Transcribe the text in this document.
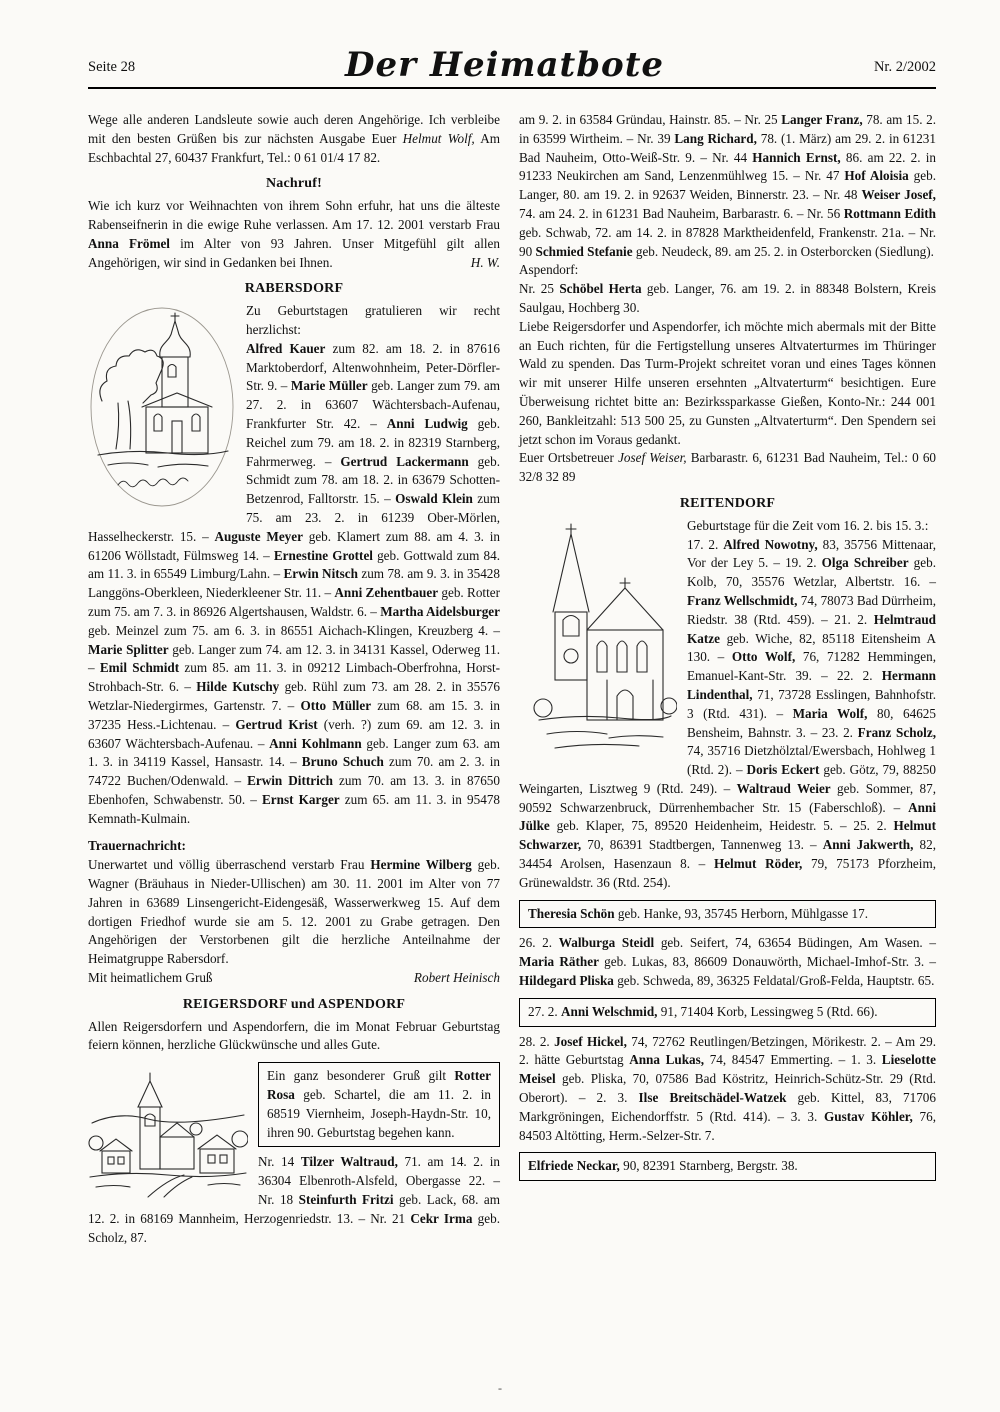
Seite 28	Der Heimatbote	Nr. 2/2002

Wege alle anderen Landsleute sowie auch deren Angehörige. Ich verbleibe mit den besten Grüßen bis zur nächsten Ausgabe Euer Helmut Wolf, Am Eschbachtal 27, 60437 Frankfurt, Tel.: 0 61 01/4 17 82.

Nachruf!

Wie ich kurz vor Weihnachten von ihrem Sohn erfuhr, hat uns die älteste Rabenseifnerin in die ewige Ruhe verlassen. Am 17. 12. 2001 verstarb Frau Anna Frömel im Alter von 93 Jahren. Unser Mitgefühl gilt allen Angehörigen, wir sind in Gedanken bei Ihnen.	H. W.
RABERSDORF

Zu Geburtstagen gratulieren wir recht herzlichst:

Alfred Kauer zum 82. am 18. 2. in 87616 Marktoberdorf, Altenwohnheim, Peter-Dörfler-Str. 9. – Marie Müller geb. Langer zum 79. am 27. 2. in 63607 Wächtersbach-Aufenau, Frankfurter Str. 42. – Anni Ludwig geb. Reichel zum 79. am 18. 2. in 82319 Starnberg, Fahrmerweg. – Gertrud Lackermann geb. Schmidt zum 78. am 18. 2. in 63679 Schotten-Betzenrod, Falltorstr. 15. – Oswald Klein zum 75. am 23. 2. in 61239 Ober-Mörlen, Hasselheckerstr. 15. – Auguste Meyer geb. Klamert zum 88. am 4. 3. in 61206 Wöllstadt, Fülmsweg 14. – Ernestine Grottel geb. Gottwald zum 84. am 11. 3. in 65549 Limburg/Lahn. – Erwin Nitsch zum 78. am 9. 3. in 35428 Langgöns-Oberkleen, Niederkleener Str. 11. – Anni Zehentbauer geb. Rotter zum 75. am 7. 3. in 86926 Algertshausen, Waldstr. 6. – Martha Aidelsburger geb. Meinzel zum 75. am 6. 3. in 86551 Aichach-Klingen, Kreuzberg 4. – Marie Splitter geb. Langer zum 74. am 12. 3. in 34131 Kassel, Oderweg 11. – Emil Schmidt zum 85. am 11. 3. in 09212 Limbach-Oberfrohna, Horst-Strohbach-Str. 6. – Hilde Kutschy geb. Rühl zum 73. am 28. 2. in 35576 Wetzlar-Niedergirmes, Gartenstr. 7. – Otto Müller zum 68. am 15. 3. in 37235 Hess.-Lichtenau. – Gertrud Krist (verh. ?) zum 69. am 12. 3. in 63607 Wächtersbach-Aufenau. – Anni Kohlmann geb. Langer zum 63. am 1. 3. in 34119 Kassel, Hansastr. 14. – Bruno Schuch zum 70. am 2. 3. in 74722 Buchen/Odenwald. – Erwin Dittrich zum 70. am 13. 3. in 87650 Ebenhofen, Schwabenstr. 50. – Ernst Karger zum 65. am 11. 3. in 95478 Kemnath-Kulmain.

Trauernachricht:

Unerwartet und völlig überraschend verstarb Frau Hermine Wilberg geb. Wagner (Bräuhaus in Nieder-Ullischen) am 30. 11. 2001 im Alter von 77 Jahren in 63689 Linsengericht-Eidengesäß, Wasserwerkweg 15. Auf dem dortigen Friedhof wurde sie am 5. 12. 2001 zu Grabe getragen. Den Angehörigen der Verstorbenen gilt die herzliche Anteilnahme der Heimatgruppe Rabersdorf.

Mit heimatlichem Gruß	Robert Heinisch
REIGERSDORF und ASPENDORF

Allen Reigersdorfern und Aspendorfern, die im Monat Februar Geburtstag feiern können, herzliche Glückwünsche und alles Gute.

Ein ganz besonderer Gruß gilt Rotter Rosa geb. Schartel, die am 11. 2. in 68519 Viernheim, Joseph-Haydn-Str. 10, ihren 90. Geburtstag begehen kann.

Nr. 14 Tilzer Waltraud, 71. am 14. 2. in 36304 Elbenroth-Alsfeld, Obergasse 22. – Nr. 18 Steinfurth Fritzi geb. Lack, 68. am 12. 2. in 68169 Mannheim, Herzogenriedstr. 13. – Nr. 21 Cekr Irma geb. Scholz, 87.

am 9. 2. in 63584 Gründau, Hainstr. 85. – Nr. 25 Langer Franz, 78. am 15. 2. in 63599 Wirtheim. – Nr. 39 Lang Richard, 78. (1. März) am 29. 2. in 61231 Bad Nauheim, Otto-Weiß-Str. 9. – Nr. 44 Hannich Ernst, 86. am 22. 2. in 91233 Neukirchen am Sand, Lenzenmühlweg 15. – Nr. 47 Hof Aloisia geb. Langer, 80. am 19. 2. in 92637 Weiden, Binnerstr. 23. – Nr. 48 Weiser Josef, 74. am 24. 2. in 61231 Bad Nauheim, Barbarastr. 6. – Nr. 56 Rottmann Edith geb. Schwab, 72. am 14. 2. in 87828 Marktheidenfeld, Frankenstr. 21a. – Nr. 90 Schmied Stefanie geb. Neudeck, 89. am 25. 2. in Osterborcken (Siedlung).

Aspendorf:

Nr. 25 Schöbel Herta geb. Langer, 76. am 19. 2. in 88348 Bolstern, Kreis Saulgau, Hochberg 30.

Liebe Reigersdorfer und Aspendorfer, ich möchte mich abermals mit der Bitte an Euch richten, für die Fertigstellung unseres Altvaterturmes im Thüringer Wald zu spenden. Das Turm-Projekt schreitet voran und eines Tages können wir mit unserer Hilfe unseren ersehnten „Altvaterturm“ besichtigen. Eure Überweisung richtet bitte an: Bezirkssparkasse Gießen, Konto-Nr.: 244 001 260, Bankleitzahl: 513 500 25, zu Gunsten „Altvaterturm“. Den Spendern sei jetzt schon im Voraus gedankt.

Euer Ortsbetreuer Josef Weiser, Barbarastr. 6, 61231 Bad Nauheim, Tel.: 0 60 32/8 32 89

REITENDORF

Geburtstage für die Zeit vom 16. 2. bis 15. 3.:

17. 2. Alfred Nowotny, 83, 35756 Mittenaar, Vor der Ley 5. – 19. 2. Olga Schreiber geb. Kolb, 70, 35576 Wetzlar, Albertstr. 16. – Franz Wellschmidt, 74, 78073 Bad Dürrheim, Riedstr. 38 (Rtd. 459). – 21. 2. Helmtraud Katze geb. Wiche, 82, 85118 Eitensheim A 130. – Otto Wolf, 76, 71282 Hemmingen, Emanuel-Kant-Str. 39. – 22. 2. Hermann Lindenthal, 71, 73728 Esslingen, Bahnhofstr. 3 (Rtd. 431). – Maria Wolf, 80, 64625 Bensheim, Bahnstr. 3. – 23. 2. Franz Scholz, 74, 35716 Dietzhölztal/Ewersbach, Hohlweg 1 (Rtd. 2). – Doris Eckert geb. Götz, 79, 88250 Weingarten, Lisztweg 9 (Rtd. 249). – Waltraud Weier geb. Sommer, 87, 90592 Schwarzenbruck, Dürrenhembacher Str. 15 (Faberschloß). – Anni Jülke geb. Klaper, 75, 89520 Heidenheim, Heidestr. 5. – 25. 2. Helmut Schwarzer, 70, 86391 Stadtbergen, Tannenweg 13. – Anni Jakwerth, 82, 34454 Arolsen, Hasenzaun 8. – Helmut Röder, 79, 75173 Pforzheim, Grünewaldstr. 36 (Rtd. 254).

Theresia Schön geb. Hanke, 93, 35745 Herborn, Mühlgasse 17.

26. 2. Walburga Steidl geb. Seifert, 74, 63654 Büdingen, Am Wasen. – Maria Räther geb. Lukas, 83, 86609 Donauwörth, Michael-Imhof-Str. 3. – Hildegard Pliska geb. Schweda, 89, 36325 Feldatal/Groß-Felda, Hauptstr. 65.

27. 2. Anni Welschmid, 91, 71404 Korb, Lessingweg 5 (Rtd. 66).

28. 2. Josef Hickel, 74, 72762 Reutlingen/Betzingen, Mörikestr. 2. – Am 29. 2. hätte Geburtstag Anna Lukas, 74, 84547 Emmerting. – 1. 3. Lieselotte Meisel geb. Pliska, 70, 07586 Bad Köstritz, Heinrich-Schütz-Str. 29 (Rtd. Oberort). – 2. 3. Ilse Breitschädel-Watzek geb. Kittel, 83, 71706 Markgröningen, Eichendorffstr. 5 (Rtd. 414). – 3. 3. Gustav Köhler, 76, 84503 Altötting, Herm.-Selzer-Str. 7.

Elfriede Neckar, 90, 82391 Starnberg, Bergstr. 38.
-
